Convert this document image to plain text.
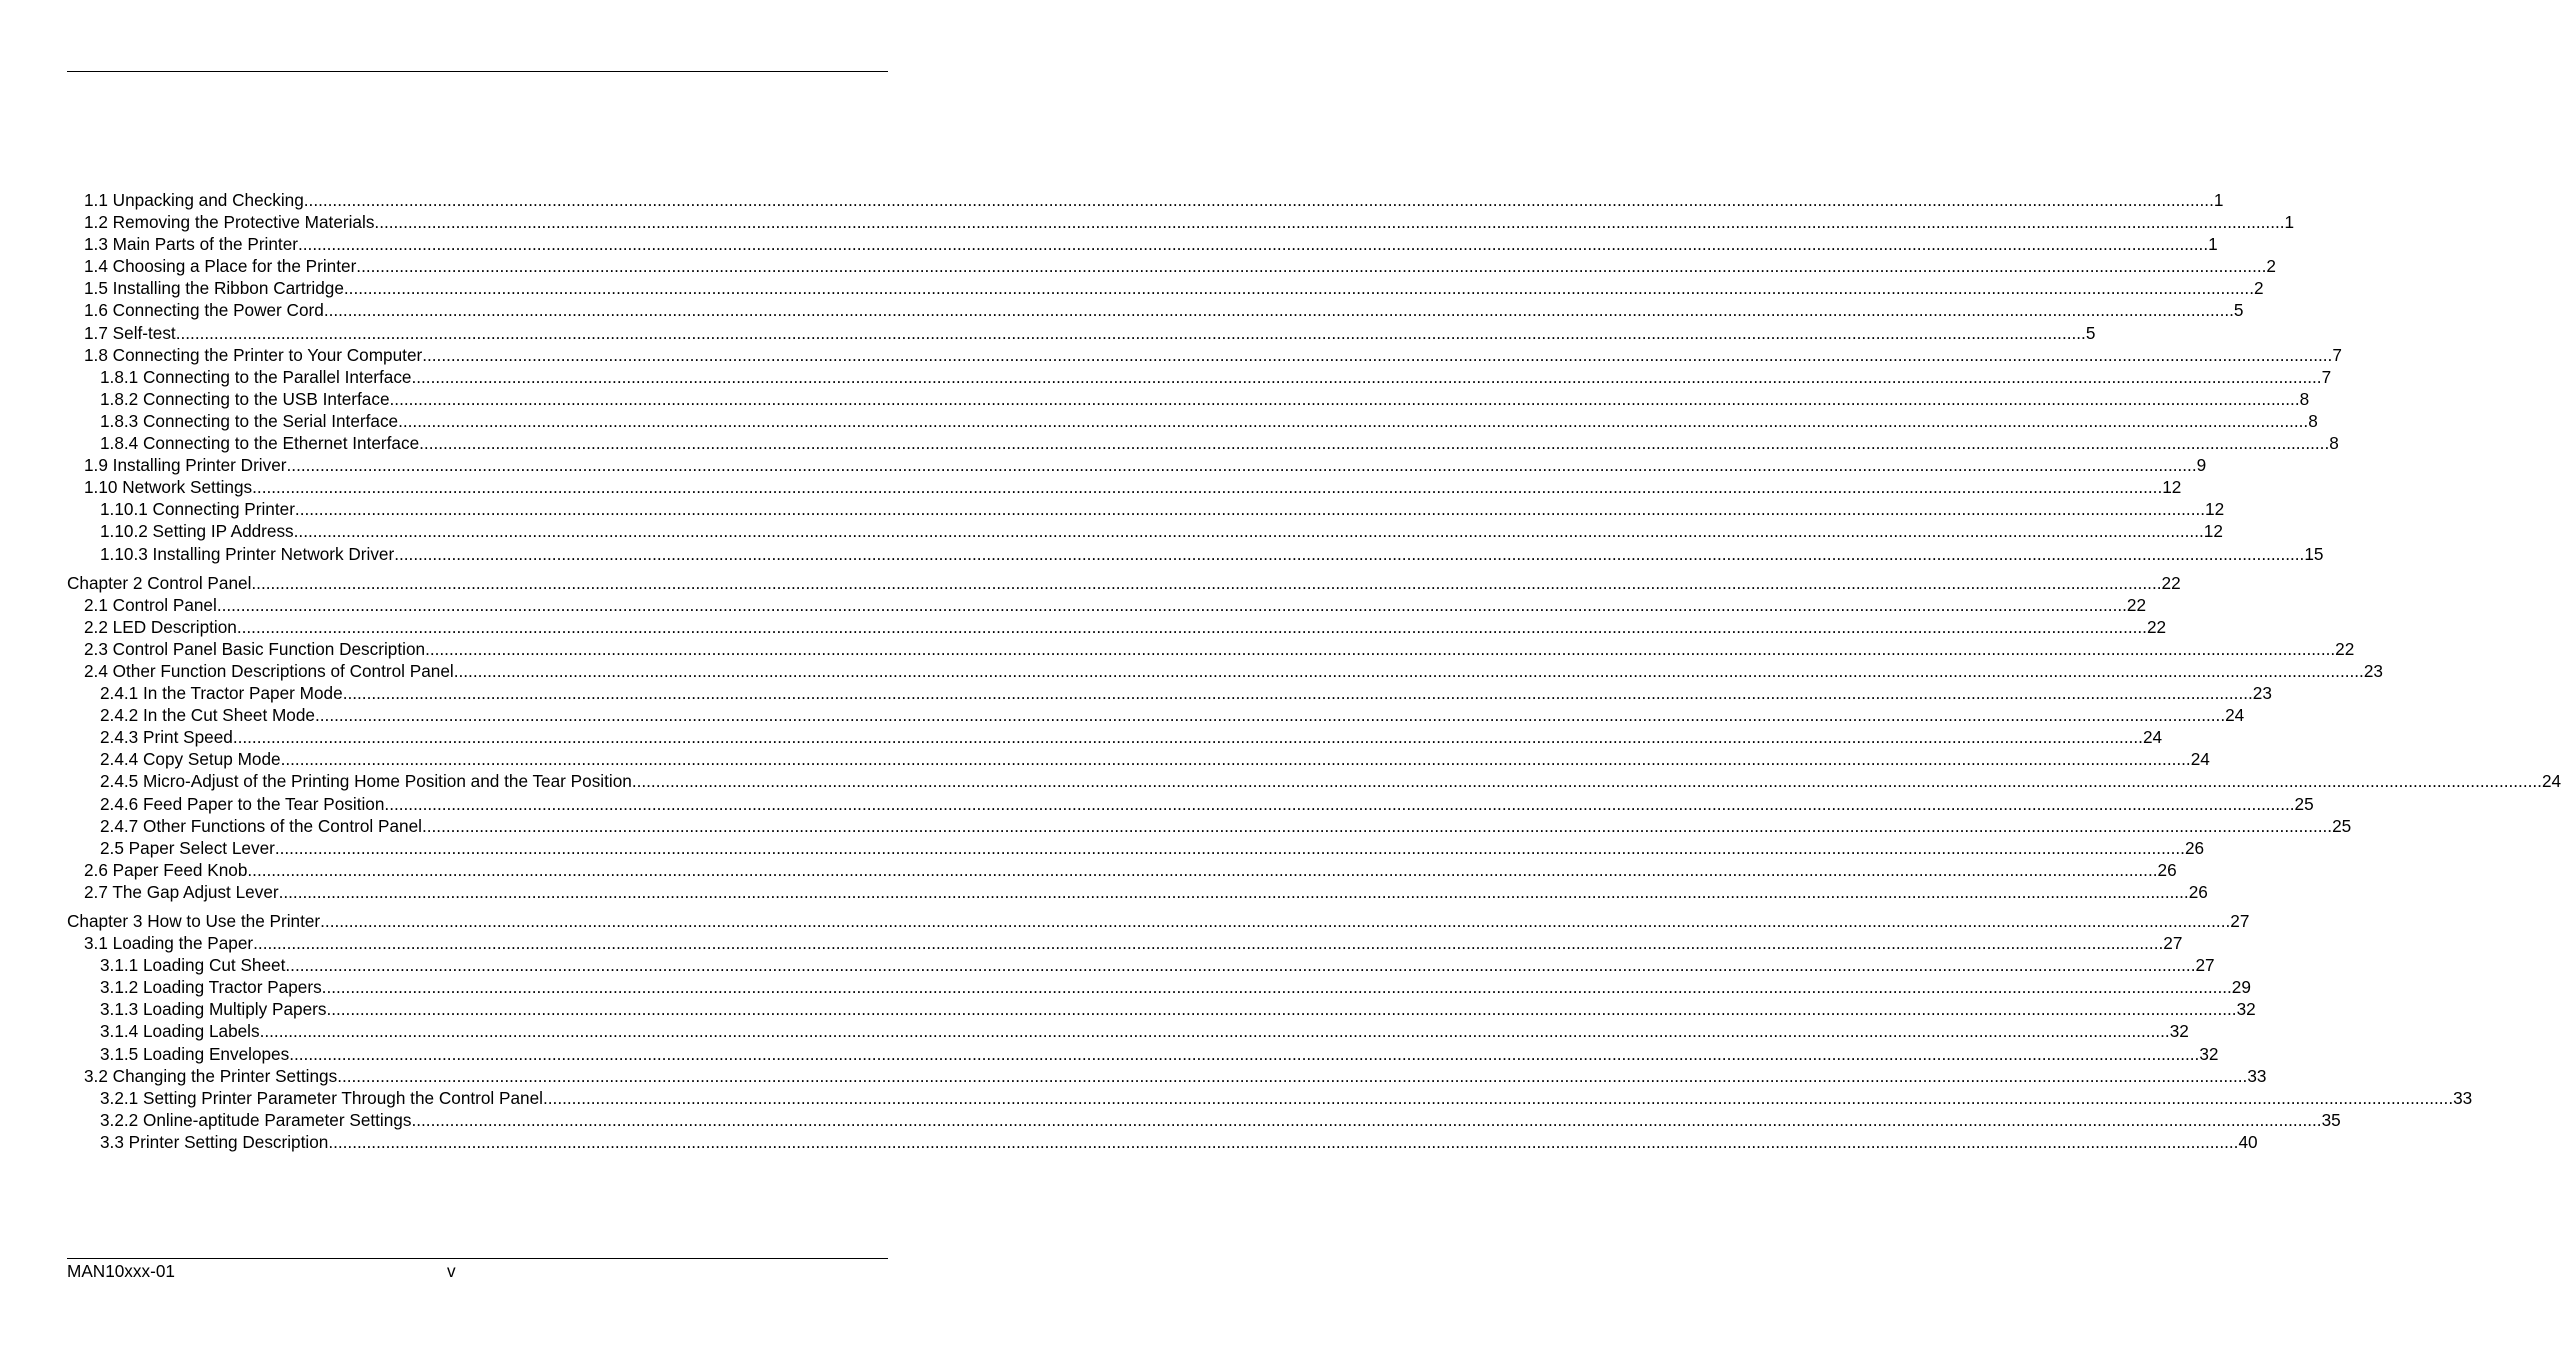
1.1 Unpacking and Checking ................................................................................................................................................................................................................................................................................................................................................................................................................ 1
1.2 Removing the Protective Materials ................................................................................................................................................................................................................................................................................................................................................................................................................ 1
1.3 Main Parts of the Printer ................................................................................................................................................................................................................................................................................................................................................................................................................ 1
1.4 Choosing a Place for the Printer ................................................................................................................................................................................................................................................................................................................................................................................................................ 2
1.5 Installing the Ribbon Cartridge ................................................................................................................................................................................................................................................................................................................................................................................................................ 2
1.6 Connecting the Power Cord ................................................................................................................................................................................................................................................................................................................................................................................................................ 5
1.7 Self-test ................................................................................................................................................................................................................................................................................................................................................................................................................ 5
1.8 Connecting the Printer to Your Computer ................................................................................................................................................................................................................................................................................................................................................................................................................ 7
1.8.1 Connecting to the Parallel Interface ................................................................................................................................................................................................................................................................................................................................................................................................................ 7
1.8.2 Connecting to the USB Interface ................................................................................................................................................................................................................................................................................................................................................................................................................ 8
1.8.3 Connecting to the Serial Interface ................................................................................................................................................................................................................................................................................................................................................................................................................ 8
1.8.4 Connecting to the Ethernet Interface ................................................................................................................................................................................................................................................................................................................................................................................................................ 8
1.9 Installing Printer Driver ................................................................................................................................................................................................................................................................................................................................................................................................................ 9
1.10 Network Settings ................................................................................................................................................................................................................................................................................................................................................................................................................ 12
1.10.1 Connecting Printer ................................................................................................................................................................................................................................................................................................................................................................................................................ 12
1.10.2 Setting IP Address ................................................................................................................................................................................................................................................................................................................................................................................................................ 12
1.10.3 Installing Printer Network Driver ................................................................................................................................................................................................................................................................................................................................................................................................................ 15
Chapter 2 Control Panel ................................................................................................................................................................................................................................................................................................................................................................................................................ 22
2.1 Control Panel ................................................................................................................................................................................................................................................................................................................................................................................................................ 22
2.2 LED Description ................................................................................................................................................................................................................................................................................................................................................................................................................ 22
2.3 Control Panel Basic Function Description ................................................................................................................................................................................................................................................................................................................................................................................................................ 22
2.4 Other Function Descriptions of Control Panel ................................................................................................................................................................................................................................................................................................................................................................................................................ 23
2.4.1 In the Tractor Paper Mode ................................................................................................................................................................................................................................................................................................................................................................................................................ 23
2.4.2 In the Cut Sheet Mode ................................................................................................................................................................................................................................................................................................................................................................................................................ 24
2.4.3 Print Speed ................................................................................................................................................................................................................................................................................................................................................................................................................ 24
2.4.4 Copy Setup Mode ................................................................................................................................................................................................................................................................................................................................................................................................................ 24
2.4.5 Micro-Adjust of the Printing Home Position and the Tear Position ................................................................................................................................................................................................................................................................................................................................................................................................................ 24
2.4.6 Feed Paper to the Tear Position ................................................................................................................................................................................................................................................................................................................................................................................................................ 25
2.4.7 Other Functions of the Control Panel ................................................................................................................................................................................................................................................................................................................................................................................................................ 25
2.5 Paper Select Lever ................................................................................................................................................................................................................................................................................................................................................................................................................ 26
2.6 Paper Feed Knob ................................................................................................................................................................................................................................................................................................................................................................................................................ 26
2.7 The Gap Adjust Lever ................................................................................................................................................................................................................................................................................................................................................................................................................ 26
Chapter 3 How to Use the Printer ................................................................................................................................................................................................................................................................................................................................................................................................................ 27
3.1 Loading the Paper ................................................................................................................................................................................................................................................................................................................................................................................................................ 27
3.1.1 Loading Cut Sheet ................................................................................................................................................................................................................................................................................................................................................................................................................ 27
3.1.2 Loading Tractor Papers ................................................................................................................................................................................................................................................................................................................................................................................................................ 29
3.1.3 Loading Multiply Papers ................................................................................................................................................................................................................................................................................................................................................................................................................ 32
3.1.4 Loading Labels ................................................................................................................................................................................................................................................................................................................................................................................................................ 32
3.1.5 Loading Envelopes ................................................................................................................................................................................................................................................................................................................................................................................................................ 32
3.2 Changing the Printer Settings ................................................................................................................................................................................................................................................................................................................................................................................................................ 33
3.2.1 Setting Printer Parameter Through the Control Panel ................................................................................................................................................................................................................................................................................................................................................................................................................ 33
3.2.2 Online-aptitude Parameter Settings ................................................................................................................................................................................................................................................................................................................................................................................................................ 35
3.3 Printer Setting Description ................................................................................................................................................................................................................................................................................................................................................................................................................ 40
MAN10xxx-01	v
